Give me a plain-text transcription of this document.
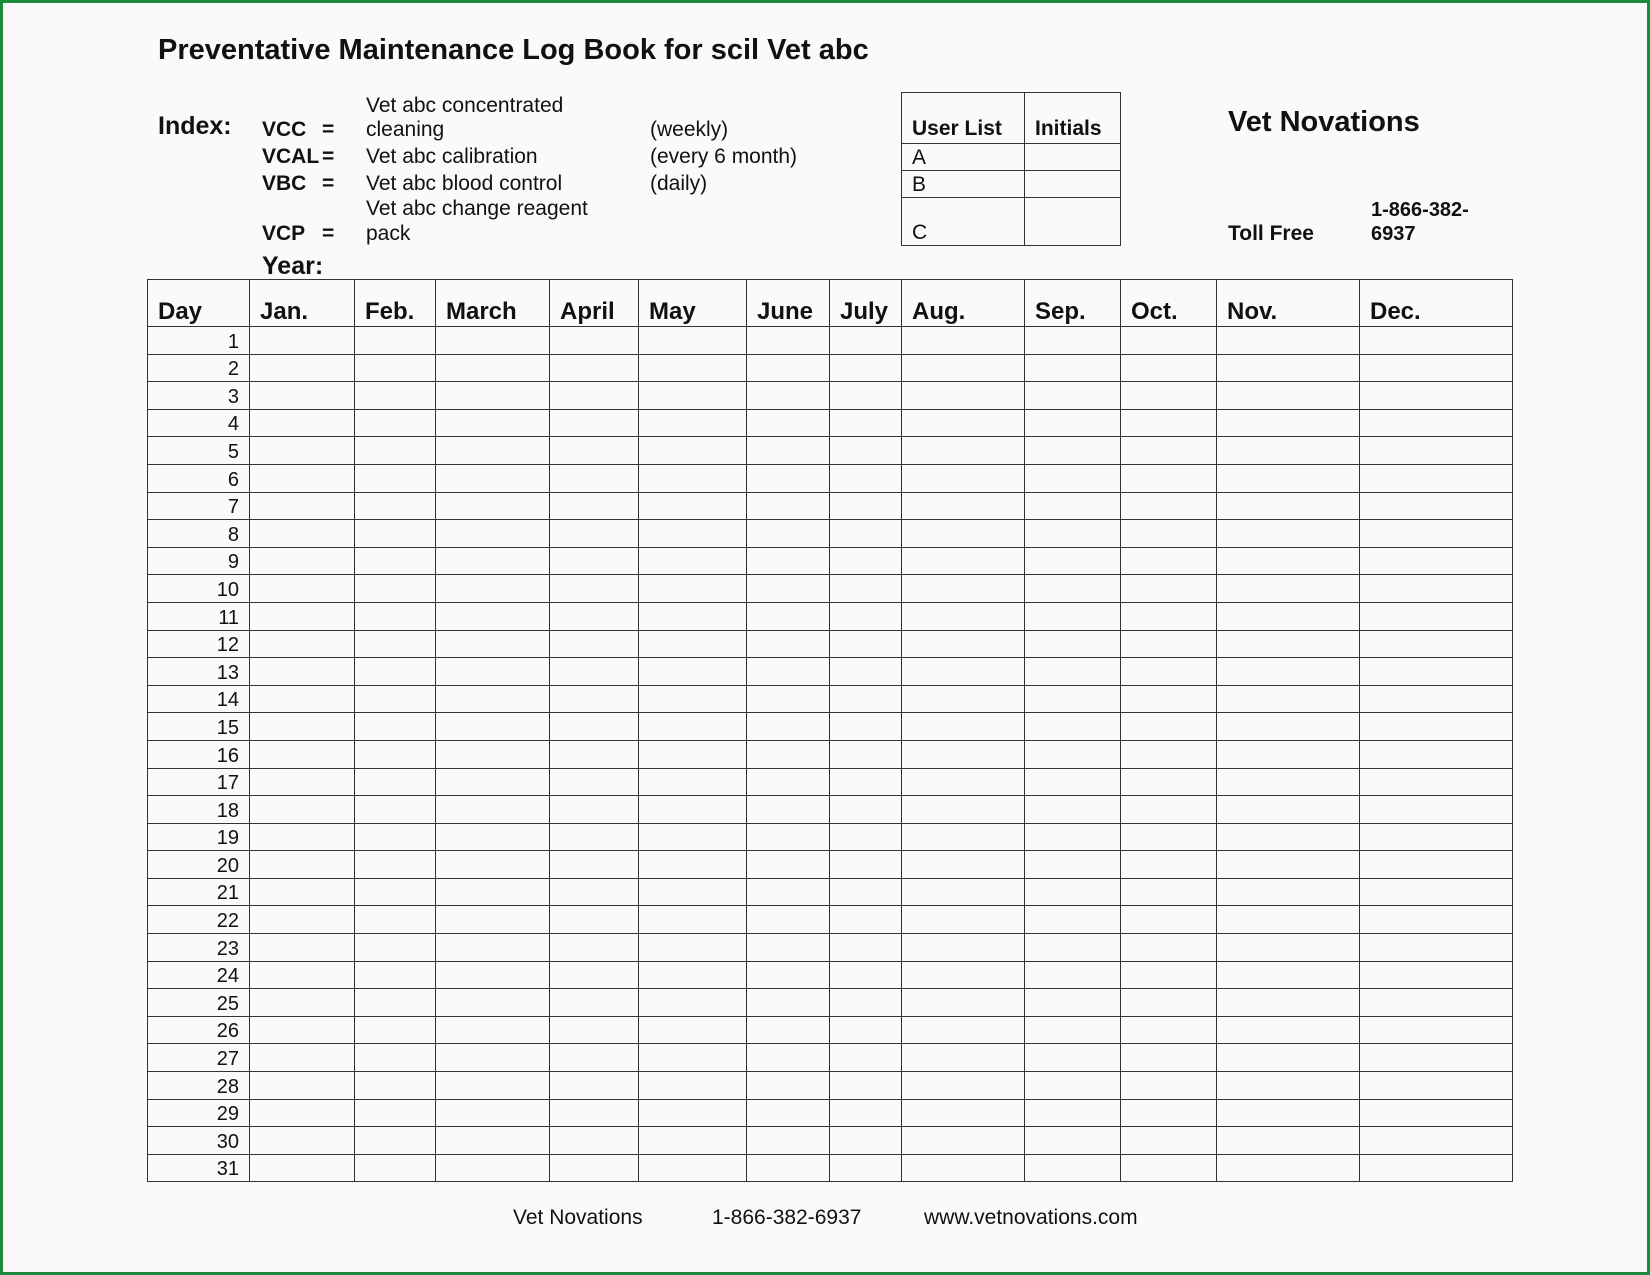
Preventative Maintenance Log Book for scil Vet abc
Index:
Vet abc concentrated
VCC = cleaning	(weekly)
VCAL = Vet abc calibration	(every 6 month)
VBC = Vet abc blood control	(daily)
Vet abc change reagent
VCP = pack
Year:
User List	Initials
A	
B	
C	
Vet Novations
Toll Free
1-866-382-6937
Day	Jan.	Feb.	March	April	May	June	July	Aug.	Sep.	Oct.	Nov.	Dec.
1												
2												
3												
4												
5												
6												
7												
8												
9												
10												
11												
12												
13												
14												
15												
16												
17												
18												
19												
20												
21												
22												
23												
24												
25												
26												
27												
28												
29												
30												
31												
Vet Novations	1-866-382-6937	www.vetnovations.com
